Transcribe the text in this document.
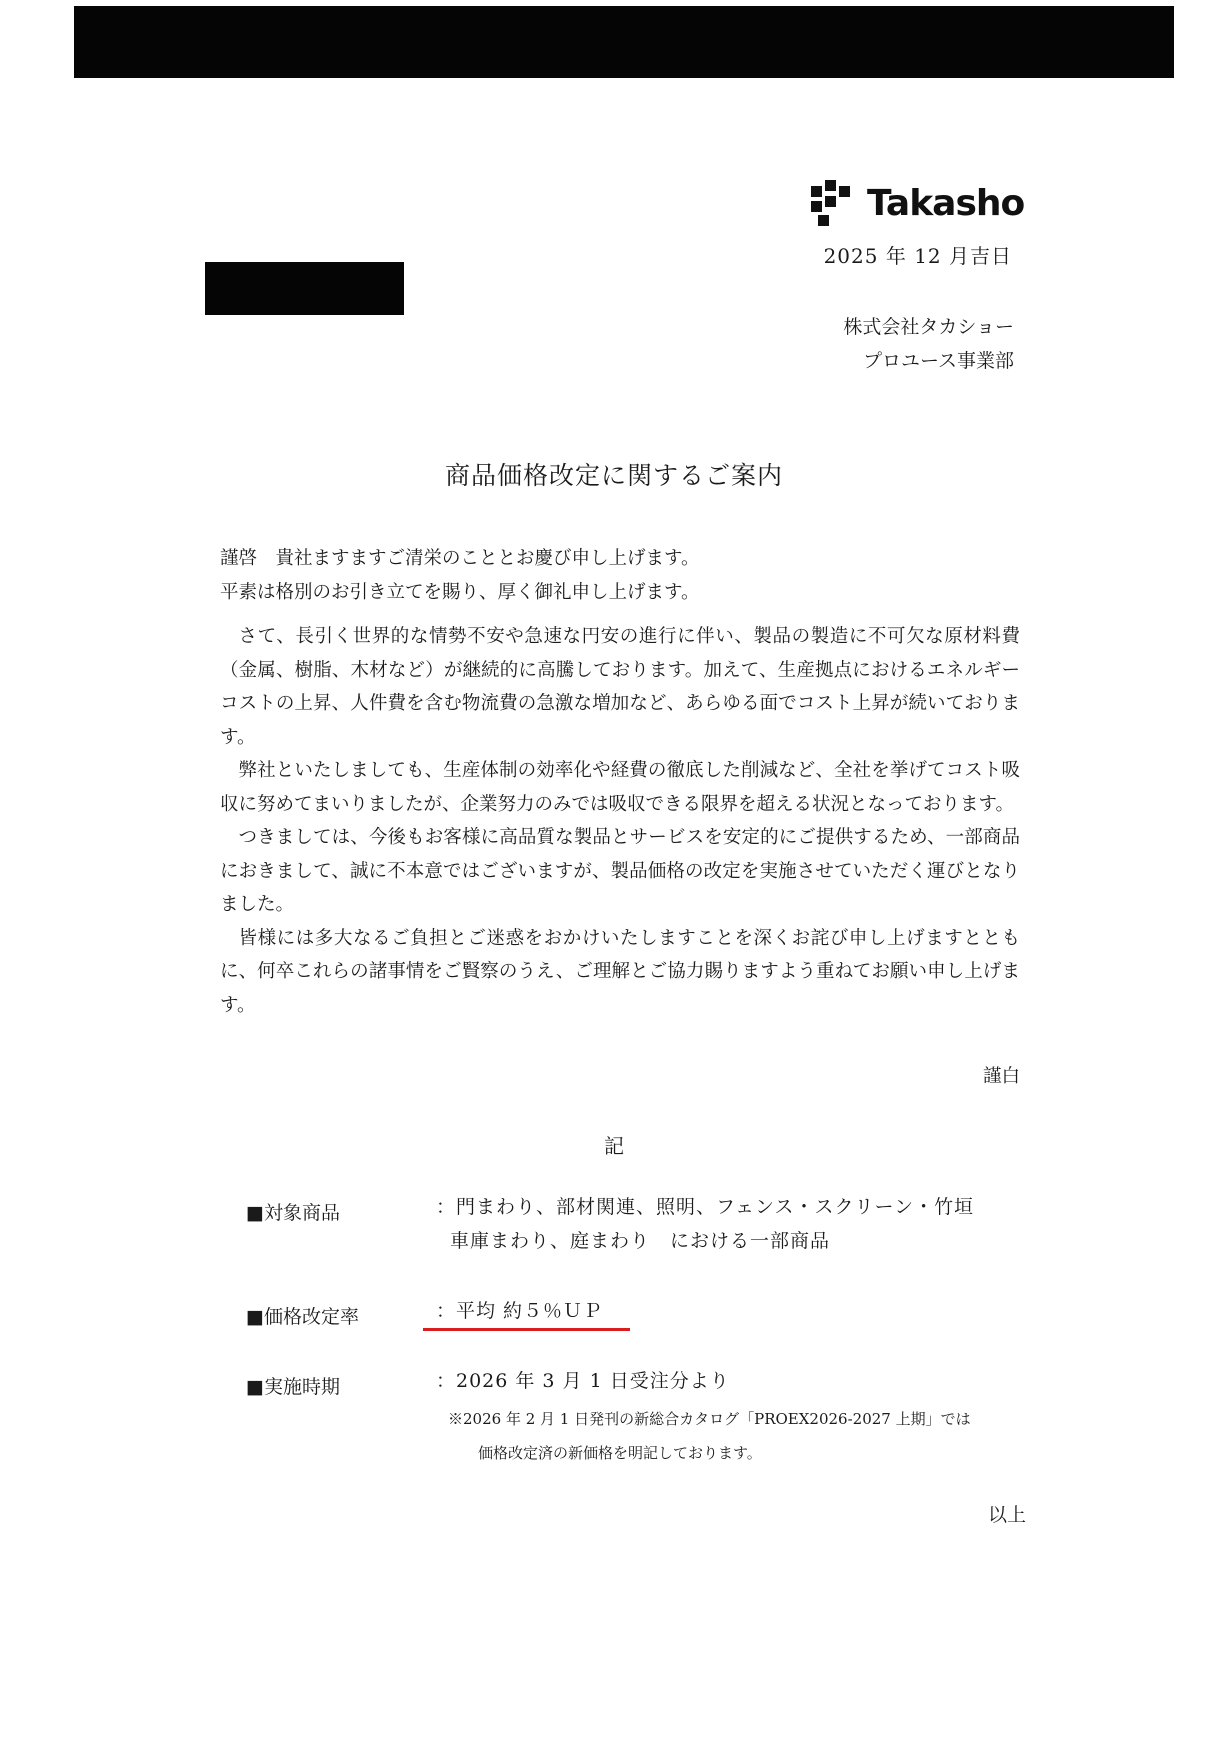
Takasho
2025 年 12 月吉日
株式会社タカショー
プロユース事業部
商品価格改定に関するご案内
謹啓　貴社ますますご清栄のこととお慶び申し上げます。
平素は格別のお引き立てを賜り、厚く御礼申し上げます。

さて、長引く世界的な情勢不安や急速な円安の進行に伴い、製品の製造に不可欠な原材料費（金属、樹脂、木材など）が継続的に高騰しております。加えて、生産拠点におけるエネルギーコストの上昇、人件費を含む物流費の急激な増加など、あらゆる面でコスト上昇が続いております。

弊社といたしましても、生産体制の効率化や経費の徹底した削減など、全社を挙げてコスト吸収に努めてまいりましたが、企業努力のみでは吸収できる限界を超える状況となっております。

つきましては、今後もお客様に高品質な製品とサービスを安定的にご提供するため、一部商品におきまして、誠に不本意ではございますが、製品価格の改定を実施させていただく運びとなりました。

皆様には多大なるご負担とご迷惑をおかけいたしますことを深くお詫び申し上げますとともに、何卒これらの諸事情をご賢察のうえ、ご理解とご協力賜りますよう重ねてお願い申し上げます。

謹白
記
■対象商品	：門まわり、部材関連、照明、フェンス・スクリーン・竹垣
車庫まわり、庭まわり　における一部商品
■価格改定率	：平均 約５％ＵＰ
■実施時期	：2026 年 3 月 1 日受注分より
※2026 年 2 月 1 日発刊の新総合カタログ「PROEX2026-2027 上期」では
価格改定済の新価格を明記しております。
以上
